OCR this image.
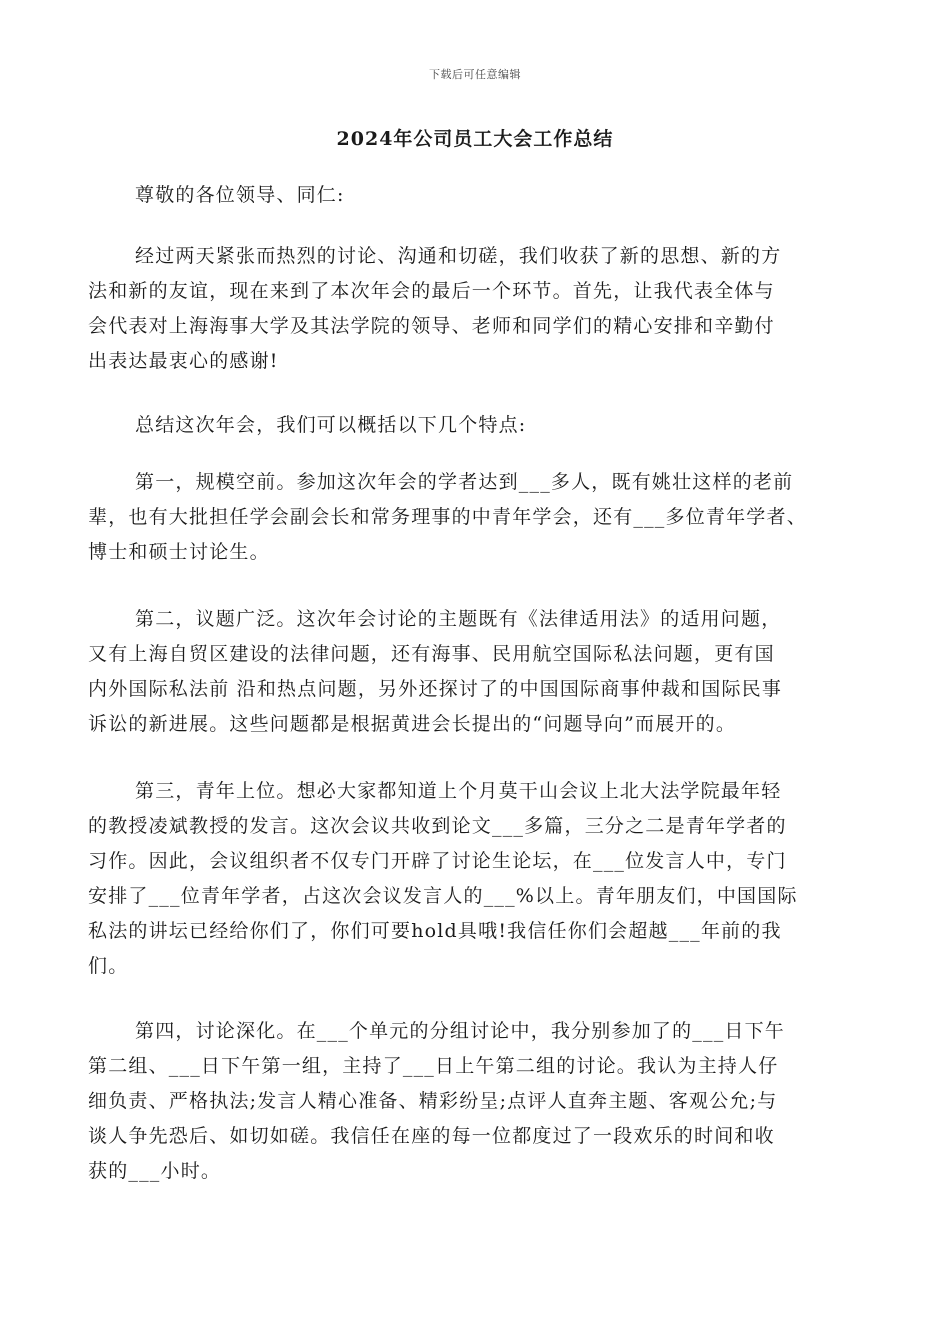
下载后可任意编辑
2024年公司员工大会工作总结

尊敬的各位领导、同仁:

经过两天紧张而热烈的讨论、沟通和切磋，我们收获了新的思想、新的方
法和新的友谊，现在来到了本次年会的最后一个环节。首先，让我代表全体与
会代表对上海海事大学及其法学院的领导、老师和同学们的精心安排和辛勤付
出表达最衷心的感谢!

总结这次年会，我们可以概括以下几个特点:

第一，规模空前。参加这次年会的学者达到___多人，既有姚壮这样的老前
辈，也有大批担任学会副会长和常务理事的中青年学会，还有___多位青年学者、
博士和硕士讨论生。

第二，议题广泛。这次年会讨论的主题既有《法律适用法》的适用问题，
又有上海自贸区建设的法律问题，还有海事、民用航空国际私法问题，更有国
内外国际私法前 沿和热点问题，另外还探讨了的中国国际商事仲裁和国际民事
诉讼的新进展。这些问题都是根据黄进会长提出的“问题导向”而展开的。

第三，青年上位。想必大家都知道上个月莫干山会议上北大法学院最年轻
的教授凌斌教授的发言。这次会议共收到论文___多篇，三分之二是青年学者的
习作。因此，会议组织者不仅专门开辟了讨论生论坛，在___位发言人中，专门
安排了___位青年学者，占这次会议发言人的___%以上。青年朋友们，中国国际
私法的讲坛已经给你们了，你们可要hold具哦!我信任你们会超越___年前的我
们。

第四，讨论深化。在___个单元的分组讨论中，我分别参加了的___日下午
第二组、___日下午第一组，主持了___日上午第二组的讨论。我认为主持人仔
细负责、严格执法;发言人精心准备、精彩纷呈;点评人直奔主题、客观公允;与
谈人争先恐后、如切如磋。我信任在座的每一位都度过了一段欢乐的时间和收
获的___小时。
